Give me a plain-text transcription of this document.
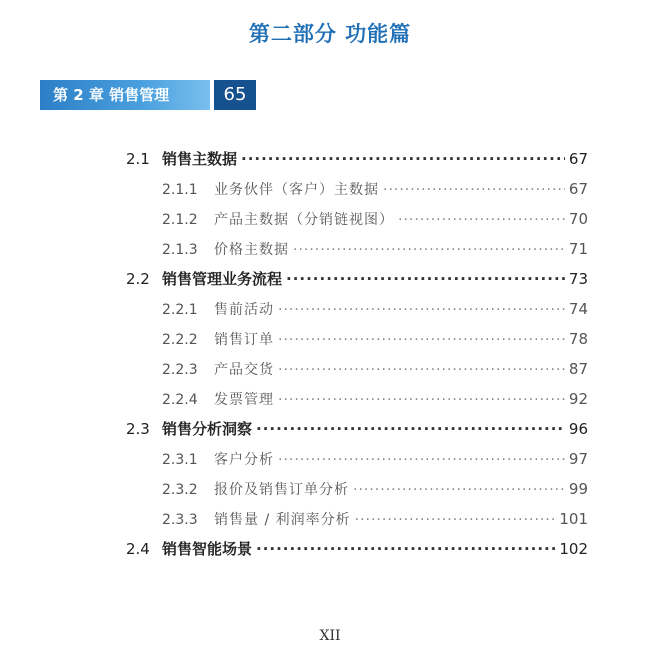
第二部分 功能篇
第 2 章 销售管理	65
2.1 销售主数据 ·····	67
2.1.1	业务伙伴（客户）主数据 ·····	67
2.1.2	产品主数据（分销链视图） ·····	70
2.1.3	价格主数据 ·····	71
2.2 销售管理业务流程 ·····	73
2.2.1	售前活动 ·····	74
2.2.2	销售订单 ·····	78
2.2.3	产品交货 ·····	87
2.2.4	发票管理 ·····	92
2.3 销售分析洞察 ·····	96
2.3.1	客户分析 ·····	97
2.3.2	报价及销售订单分析 ·····	99
2.3.3	销售量 / 利润率分析 ·····	101
2.4 销售智能场景 ·····	102
XII
